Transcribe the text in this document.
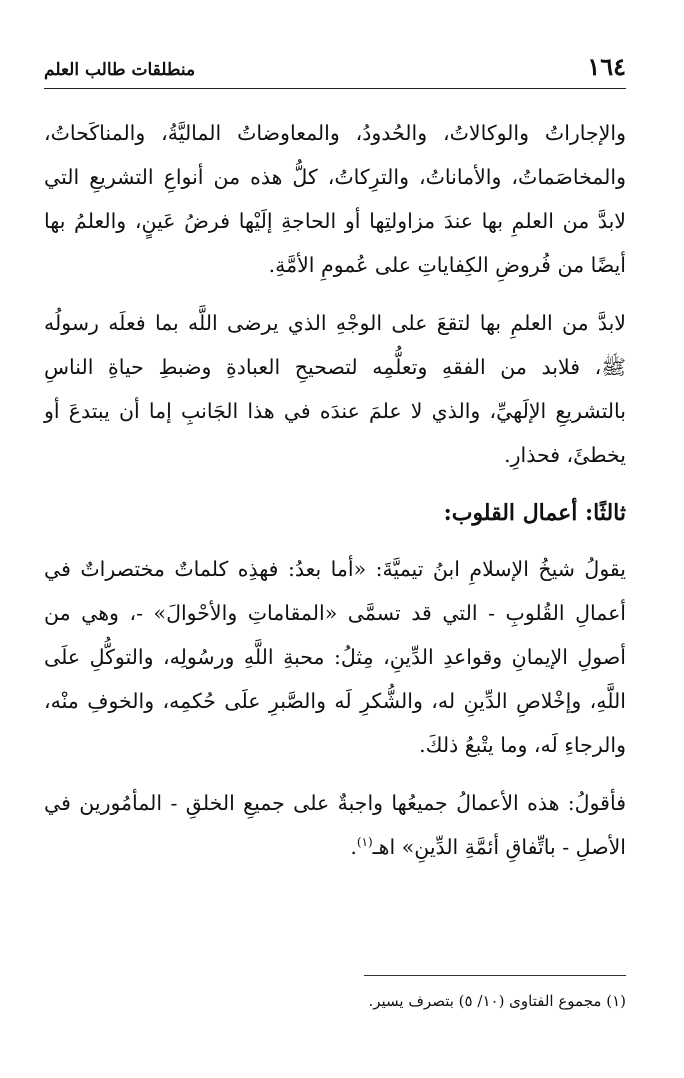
١٦٤
منطلقات طالب العلم

والإجاراتُ والوكالاتُ، والحُدودُ، والمعاوضاتُ الماليَّةُ، والمناكَحاتُ، والمخاصَماتُ، والأماناتُ، والترِكاتُ، كلُّ هذه من أنواعِ التشريعِ التي لابدَّ من العلمِ بها عندَ مزاولتِها أو الحاجةِ إلَيْها فرضُ عَينٍ، والعلمُ بها أيضًا من فُروضِ الكِفاياتِ على عُمومِ الأمَّةِ.

لابدَّ من العلمِ بها لتقعَ على الوجْهِ الذي يرضى اللَّه بما فعلَه رسولُه ﷺ، فلابد من الفقهِ وتعلُّمِه لتصحيحِ العبادةِ وضبطِ حياةِ الناسِ بالتشريعِ الإلَهيِّ، والذي لا علمَ عندَه في هذا الجَانبِ إما أن يبتدعَ أو يخطئَ، فحذارِ.

ثالثًا: أعمال القلوب:

يقولُ شيخُ الإسلامِ ابنُ تيميَّةَ: «أما بعدُ: فهذِه كلماتٌ مختصراتٌ في أعمالِ القُلوبِ - التي قد تسمَّى «المقاماتِ والأحْوالَ» -، وهي من أصولِ الإيمانِ وقواعدِ الدِّينِ، مِثلُ: محبةِ اللَّهِ ورسُولِه، والتوكُّلِ علَى اللَّهِ، وإخْلاصِ الدِّينِ له، والشُّكرِ لَه والصَّبرِ علَى حُكمِه، والخوفِ منْه، والرجاءِ لَه، وما يتْبعُ ذلكَ.

فأقولُ: هذه الأعمالُ جميعُها واجبةٌ على جميعِ الخلقِ - المأمُورين في الأصلِ - باتِّفاقِ أئمَّةِ الدِّينِ» اهـ$^{(١)}$.

(١) مجموع الفتاوى (١٠/ ٥) بتصرف يسير.
